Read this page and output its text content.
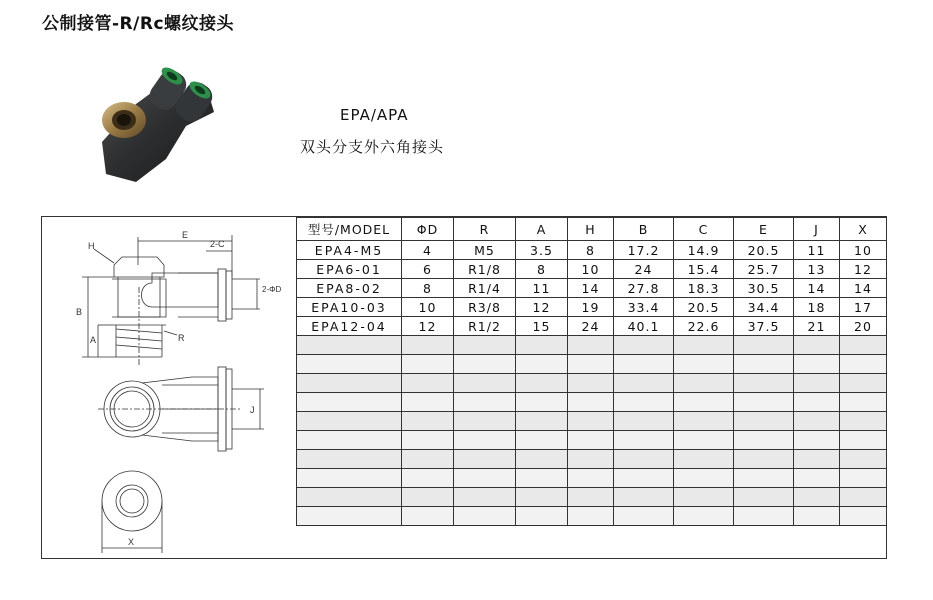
公制接管-R/Rc螺纹接头
EPA/APA
双头分支外六角接头
E
2-C
H
B
A	R
2-ΦD
J
X
型号/MODEL	ΦD	R	A	H	B	C	E	J	X
EPA4-M5	4	M5	3.5	8	17.2	14.9	20.5	11	10
EPA6-01	6	R1/8	8	10	24	15.4	25.7	13	12
EPA8-02	8	R1/4	11	14	27.8	18.3	30.5	14	14
EPA10-03	10	R3/8	12	19	33.4	20.5	34.4	18	17
EPA12-04	12	R1/2	15	24	40.1	22.6	37.5	21	20
